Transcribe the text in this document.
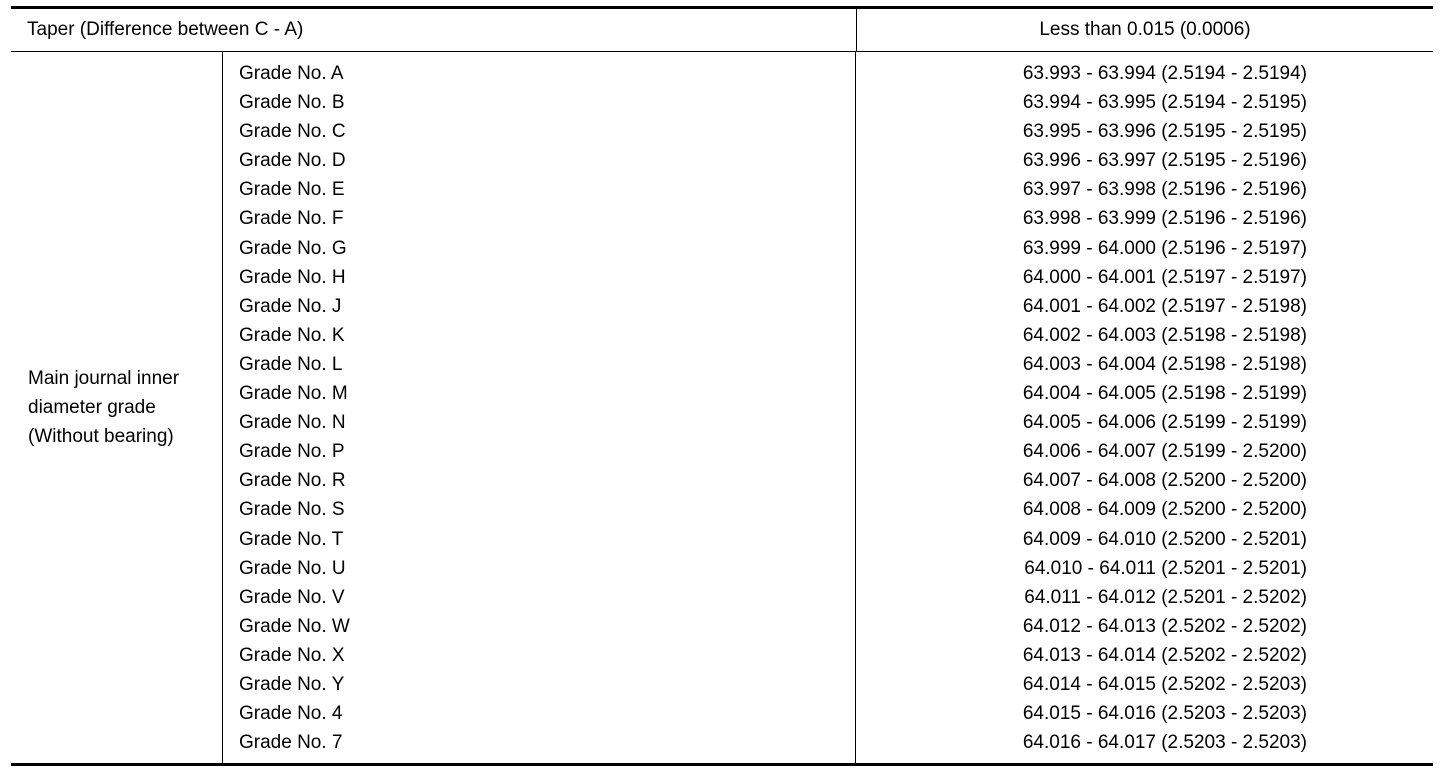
Taper (Difference between C - A)	Less than 0.015 (0.0006)
Main journal inner
diameter grade
(Without bearing)
Grade No. A
Grade No. B
Grade No. C
Grade No. D
Grade No. E
Grade No. F
Grade No. G
Grade No. H
Grade No. J
Grade No. K
Grade No. L
Grade No. M
Grade No. N
Grade No. P
Grade No. R
Grade No. S
Grade No. T
Grade No. U
Grade No. V
Grade No. W
Grade No. X
Grade No. Y
Grade No. 4
Grade No. 7
63.993 - 63.994 (2.5194 - 2.5194)
63.994 - 63.995 (2.5194 - 2.5195)
63.995 - 63.996 (2.5195 - 2.5195)
63.996 - 63.997 (2.5195 - 2.5196)
63.997 - 63.998 (2.5196 - 2.5196)
63.998 - 63.999 (2.5196 - 2.5196)
63.999 - 64.000 (2.5196 - 2.5197)
64.000 - 64.001 (2.5197 - 2.5197)
64.001 - 64.002 (2.5197 - 2.5198)
64.002 - 64.003 (2.5198 - 2.5198)
64.003 - 64.004 (2.5198 - 2.5198)
64.004 - 64.005 (2.5198 - 2.5199)
64.005 - 64.006 (2.5199 - 2.5199)
64.006 - 64.007 (2.5199 - 2.5200)
64.007 - 64.008 (2.5200 - 2.5200)
64.008 - 64.009 (2.5200 - 2.5200)
64.009 - 64.010 (2.5200 - 2.5201)
64.010 - 64.011 (2.5201 - 2.5201)
64.011 - 64.012 (2.5201 - 2.5202)
64.012 - 64.013 (2.5202 - 2.5202)
64.013 - 64.014 (2.5202 - 2.5202)
64.014 - 64.015 (2.5202 - 2.5203)
64.015 - 64.016 (2.5203 - 2.5203)
64.016 - 64.017 (2.5203 - 2.5203)
